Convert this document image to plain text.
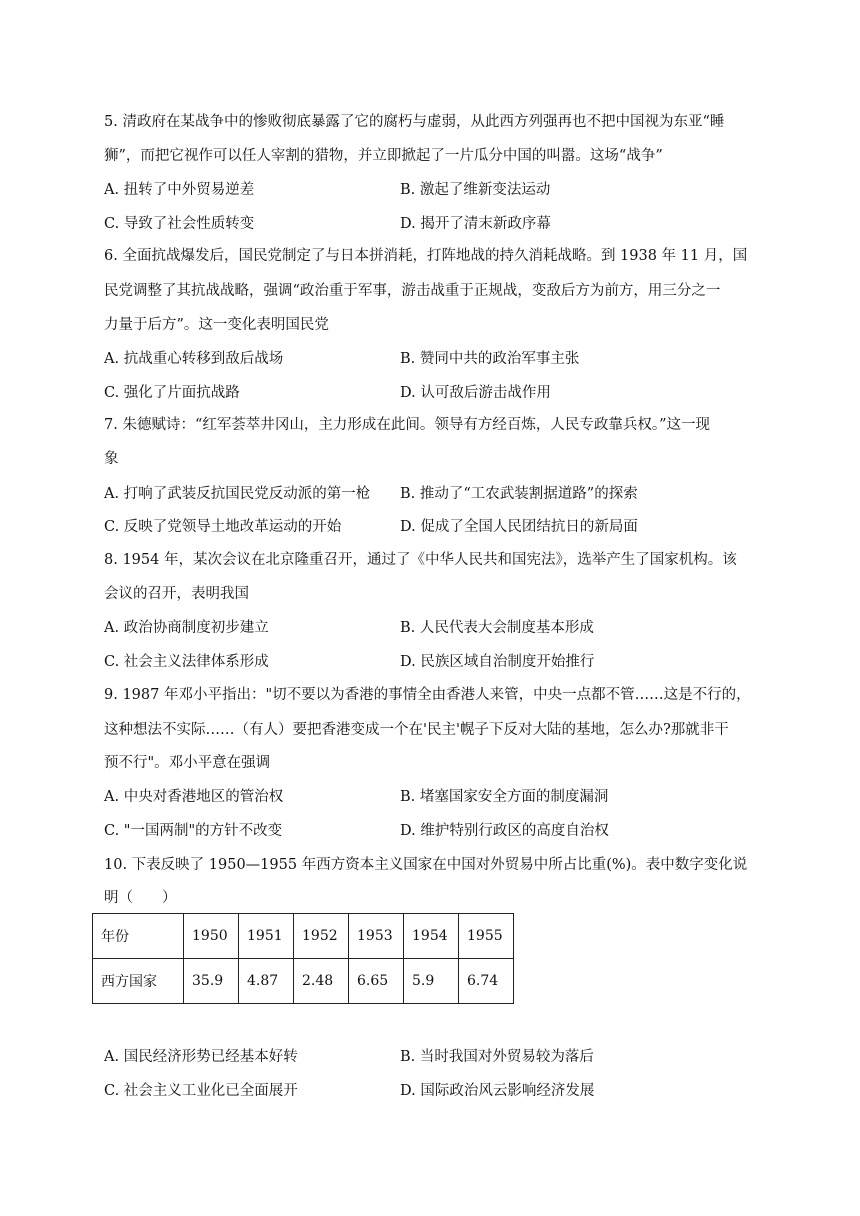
5. 清政府在某战争中的惨败彻底暴露了它的腐朽与虚弱，从此西方列强再也不把中国视为东亚“睡
狮”，而把它视作可以任人宰割的猎物，并立即掀起了一片瓜分中国的叫嚣。这场“战争”
A. 扭转了中外贸易逆差	B. 激起了维新变法运动
C. 导致了社会性质转变	D. 揭开了清末新政序幕
6. 全面抗战爆发后，国民党制定了与日本拼消耗，打阵地战的持久消耗战略。到 1938 年 11 月，国
民党调整了其抗战战略，强调“政治重于军事，游击战重于正规战，变敌后方为前方，用三分之一
力量于后方”。这一变化表明国民党
A. 抗战重心转移到敌后战场	B. 赞同中共的政治军事主张
C. 强化了片面抗战路	D. 认可敌后游击战作用
7. 朱德赋诗：“红军荟萃井冈山，主力形成在此间。领导有方经百炼，人民专政靠兵权。”这一现
象
A. 打响了武装反抗国民党反动派的第一枪 B. 推动了“工农武装割据道路”的探索
C. 反映了党领导土地改革运动的开始	D. 促成了全国人民团结抗日的新局面
8. 1954 年，某次会议在北京隆重召开，通过了《中华人民共和国宪法》，选举产生了国家机构。该
会议的召开，表明我国
A. 政治协商制度初步建立	B. 人民代表大会制度基本形成
C. 社会主义法律体系形成	D. 民族区域自治制度开始推行
9. 1987 年邓小平指出："切不要以为香港的事情全由香港人来管，中央一点都不管……这是不行的，
这种想法不实际……（有人）要把香港变成一个在'民主'幌子下反对大陆的基地，怎么办?那就非干
预不行"。邓小平意在强调
A. 中央对香港地区的管治权	B. 堵塞国家安全方面的制度漏洞
C. "一国两制"的方针不改变	D. 维护特别行政区的高度自治权
10. 下表反映了 1950—1955 年西方资本主义国家在中国对外贸易中所占比重(%)。表中数字变化说
明（　　）
年份	1950	1951	1952	1953	1954	1955
西方国家	35.9	4.87	2.48	6.65	5.9	6.74
A. 国民经济形势已经基本好转	B. 当时我国对外贸易较为落后
C. 社会主义工业化已全面展开	D. 国际政治风云影响经济发展
